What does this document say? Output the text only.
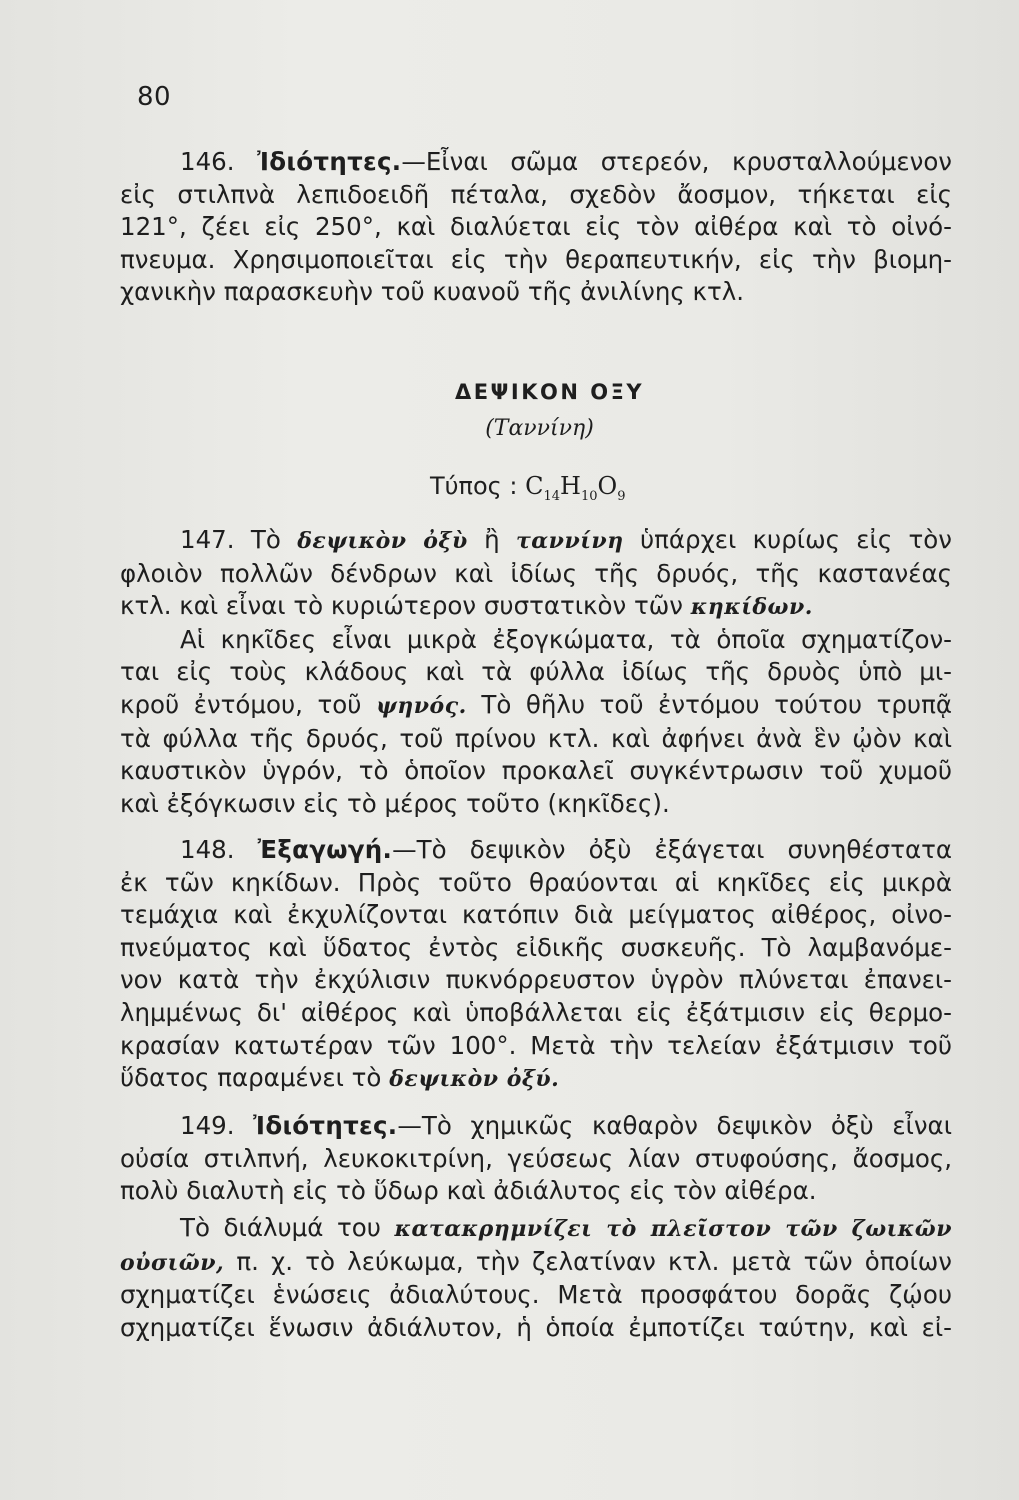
80
146. Ἰδιότητες.—Εἶναι σῶμα στερεόν, κρυσταλλούμενον
εἰς στιλπνὰ λεπιδοειδῆ πέταλα, σχεδὸν ἄοσμον, τήκεται εἰς
121°, ζέει εἰς 250°, καὶ διαλύεται εἰς τὸν αἰθέρα καὶ τὸ οἰνό-
πνευμα. Χρησιμοποιεῖται εἰς τὴν θεραπευτικήν, εἰς τὴν βιομη-
χανικὴν παρασκευὴν τοῦ κυανοῦ τῆς ἀνιλίνης κτλ.
ΔΕΨΙΚΟΝ ΟΞΥ
(Ταννίνη)
Τύπος : $C_{14}H_{10}O_9$
147. Τὸ δεψικὸν ὀξὺ ἢ ταννίνη ὑπάρχει κυρίως εἰς τὸν
φλοιὸν πολλῶν δένδρων καὶ ἰδίως τῆς δρυός, τῆς καστανέας
κτλ. καὶ εἶναι τὸ κυριώτερον συστατικὸν τῶν κηκίδων.
Αἱ κηκῖδες εἶναι μικρὰ ἐξογκώματα, τὰ ὁποῖα σχηματίζον-
ται εἰς τοὺς κλάδους καὶ τὰ φύλλα ἰδίως τῆς δρυὸς ὑπὸ μι-
κροῦ ἐντόμου, τοῦ ψηνός. Τὸ θῆλυ τοῦ ἐντόμου τούτου τρυπᾷ
τὰ φύλλα τῆς δρυός, τοῦ πρίνου κτλ. καὶ ἀφήνει ἀνὰ ἓν ᾠὸν καὶ
καυστικὸν ὑγρόν, τὸ ὁποῖον προκαλεῖ συγκέντρωσιν τοῦ χυμοῦ
καὶ ἐξόγκωσιν εἰς τὸ μέρος τοῦτο (κηκῖδες).
148. Ἐξαγωγή.—Τὸ δεψικὸν ὀξὺ ἐξάγεται συνηθέστατα
ἐκ τῶν κηκίδων. Πρὸς τοῦτο θραύονται αἱ κηκῖδες εἰς μικρὰ
τεμάχια καὶ ἐκχυλίζονται κατόπιν διὰ μείγματος αἰθέρος, οἰνο-
πνεύματος καὶ ὕδατος ἐντὸς εἰδικῆς συσκευῆς. Τὸ λαμβανόμε-
νον κατὰ τὴν ἐκχύλισιν πυκνόρρευστον ὑγρὸν πλύνεται ἐπανει-
λημμένως δι' αἰθέρος καὶ ὑποβάλλεται εἰς ἐξάτμισιν εἰς θερμο-
κρασίαν κατωτέραν τῶν 100°. Μετὰ τὴν τελείαν ἐξάτμισιν τοῦ
ὕδατος παραμένει τὸ δεψικὸν ὀξύ.
149. Ἰδιότητες.—Τὸ χημικῶς καθαρὸν δεψικὸν ὀξὺ εἶναι
οὐσία στιλπνή, λευκοκιτρίνη, γεύσεως λίαν στυφούσης, ἄοσμος,
πολὺ διαλυτὴ εἰς τὸ ὕδωρ καὶ ἀδιάλυτος εἰς τὸν αἰθέρα.
Τὸ διάλυμά του κατακρημνίζει τὸ πλεῖστον τῶν ζωικῶν
οὐσιῶν, π. χ. τὸ λεύκωμα, τὴν ζελατίναν κτλ. μετὰ τῶν ὁποίων
σχηματίζει ἑνώσεις ἀδιαλύτους. Μετὰ προσφάτου δορᾶς ζῴου
σχηματίζει ἕνωσιν ἀδιάλυτον, ἡ ὁποία ἐμποτίζει ταύτην, καὶ εἰ-
